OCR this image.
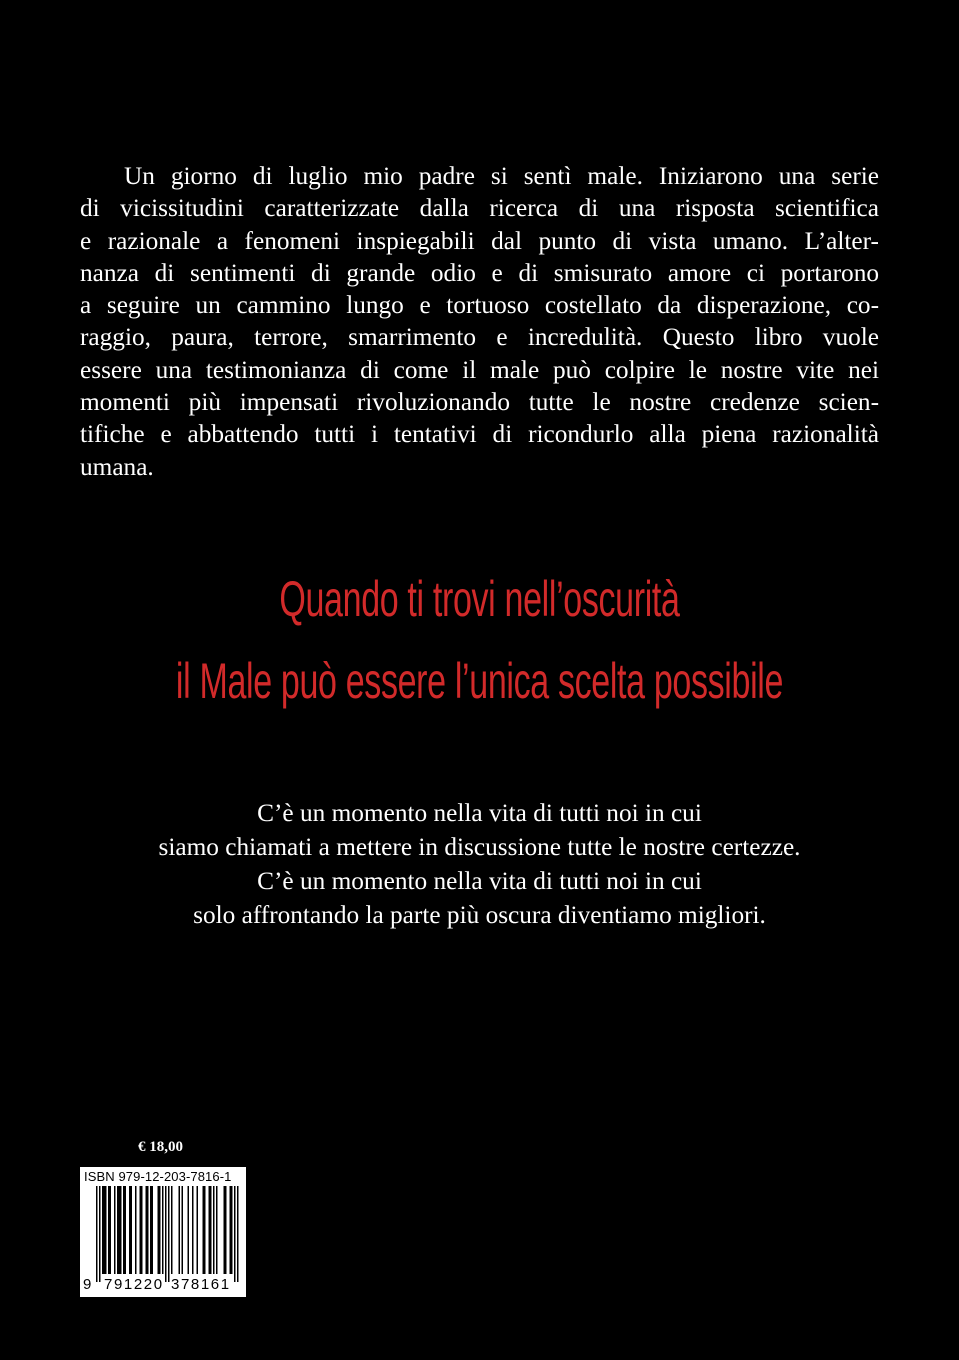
Un giorno di luglio mio padre si sentì male. Iniziarono una serie
di vicissitudini caratterizzate dalla ricerca di una risposta scientifica
e razionale a fenomeni inspiegabili dal punto di vista umano. L’alter-
nanza di sentimenti di grande odio e di smisurato amore ci portarono
a seguire un cammino lungo e tortuoso costellato da disperazione, co-
raggio, paura, terrore, smarrimento e incredulità. Questo libro vuole
essere una testimonianza di come il male può colpire le nostre vite nei
momenti più impensati rivoluzionando tutte le nostre credenze scien-
tifiche e abbattendo tutti i tentativi di ricondurlo alla piena razionalità
umana.
Quando ti trovi nell’oscurità
il Male può essere l’unica scelta possibile
C’è un momento nella vita di tutti noi in cui
siamo chiamati a mettere in discussione tutte le nostre certezze.
C’è un momento nella vita di tutti noi in cui
solo affrontando la parte più oscura diventiamo migliori.
€ 18,00
ISBN 979-12-203-7816-1
9 791220 378161
